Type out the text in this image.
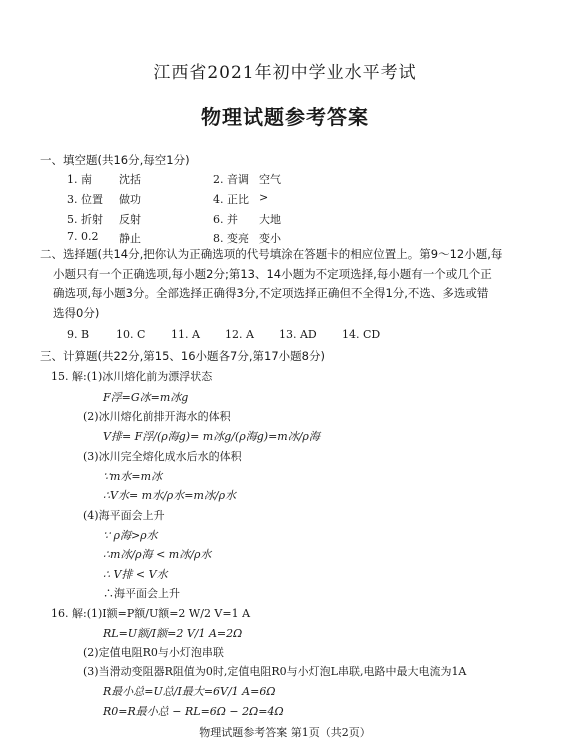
江西省2021年初中学业水平考试
物理试题参考答案
一、填空题(共16分,每空1分)
1. 南 沈括	2. 音调 空气
3. 位置 做功	4. 正比 >
5. 折射 反射	6. 并 大地
7. 0.2 静止	8. 变亮 变小
二、选择题(共14分,把你认为正确选项的代号填涂在答题卡的相应位置上。第9～12小题,每
小题只有一个正确选项,每小题2分;第13、14小题为不定项选择,每小题有一个或几个正
确选项,每小题3分。全部选择正确得3分,不定项选择正确但不全得1分,不选、多选或错
选得0分)
9. B 10. C 11. A 12. A 13. AD 14. CD
三、计算题(共22分,第15、16小题各7分,第17小题8分)
15. 解:(1)冰川熔化前为漂浮状态
F浮=G冰=m冰g
(2)冰川熔化前排开海水的体积
V排= F浮/(ρ海g)= m冰g/(ρ海g)=m冰/ρ海
(3)冰川完全熔化成水后水的体积
∵m水=m冰
∴V水= m水/ρ水=m冰/ρ水
(4)海平面会上升
∵ ρ海>ρ水
∴m冰/ρ海 < m冰/ρ水
∴ V排 < V水
∴海平面会上升
16. 解:(1)I额=P额/U额=2 W/2 V=1 A
RL=U额/I额=2 V/1 A=2Ω
(2)定值电阻R0与小灯泡串联
(3)当滑动变阻器R阻值为0时,定值电阻R0与小灯泡L串联,电路中最大电流为1A
R最小总=U总/I最大=6V/1 A=6Ω
R0=R最小总 − RL=6Ω − 2Ω=4Ω
物理试题参考答案 第1页（共2页）
